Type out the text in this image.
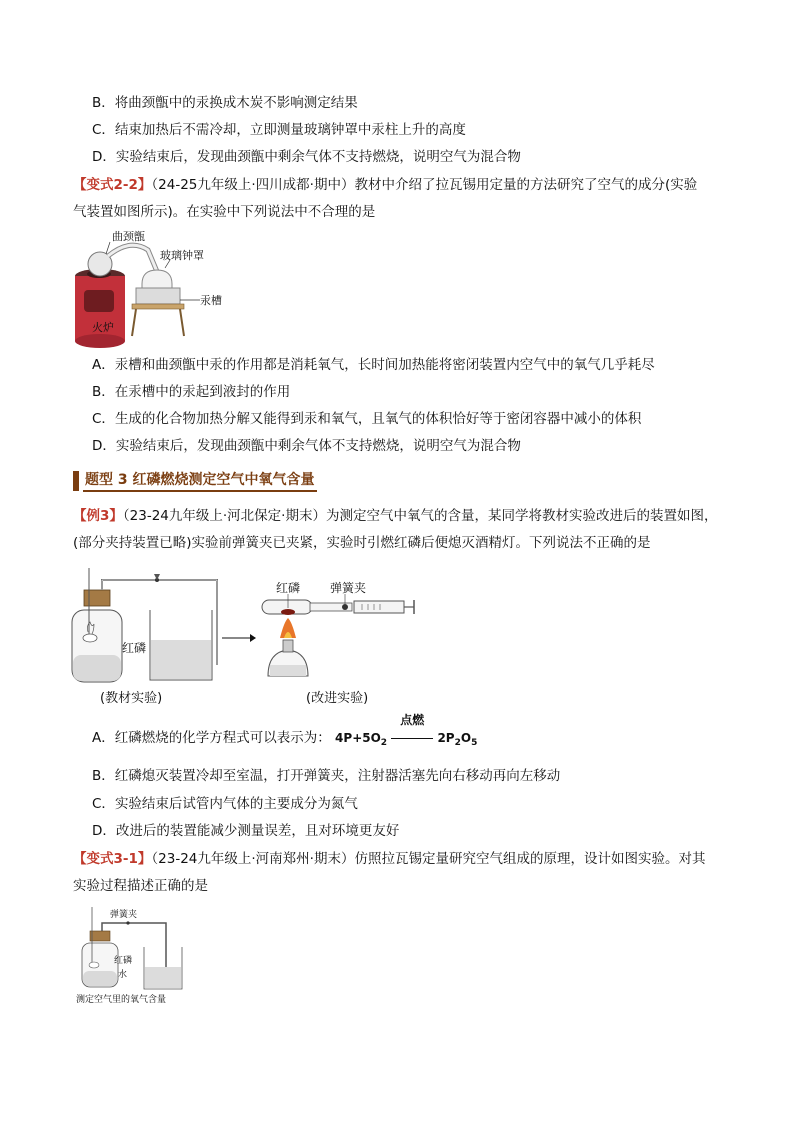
B．将曲颈甑中的汞换成木炭不影响测定结果
C．结束加热后不需冷却，立即测量玻璃钟罩中汞柱上升的高度
D．实验结束后，发现曲颈甑中剩余气体不支持燃烧，说明空气为混合物
【变式2-2】（24-25九年级上·四川成都·期中）教材中介绍了拉瓦锡用定量的方法研究了空气的成分(实验
气装置如图所示)。在实验中下列说法中不合理的是
火炉
曲颈甑
玻璃钟罩
汞槽
A．汞槽和曲颈甑中汞的作用都是消耗氧气，长时间加热能将密闭装置内空气中的氧气几乎耗尽
B．在汞槽中的汞起到液封的作用
C．生成的化合物加热分解又能得到汞和氧气，且氧气的体积恰好等于密闭容器中减小的体积
D．实验结束后，发现曲颈甑中剩余气体不支持燃烧，说明空气为混合物
题型 3 红磷燃烧测定空气中氧气含量
【例3】（23-24九年级上·河北保定·期末）为测定空气中氧气的含量，某同学将教材实验改进后的装置如图，
(部分夹持装置已略)实验前弹簧夹已夹紧，实验时引燃红磷后便熄灭酒精灯。下列说法不正确的是
红磷
(教材实验)
红磷 弹簧夹
(改进实验)
A．红磷燃烧的化学方程式可以表示为： $4P+5O_2$
点燃
$2P_2O_5$
B．红磷熄灭装置冷却至室温，打开弹簧夹，注射器活塞先向右移动再向左移动
C．实验结束后试管内气体的主要成分为氮气
D．改进后的装置能减少测量误差，且对环境更友好
【变式3-1】（23-24九年级上·河南郑州·期末）仿照拉瓦锡定量研究空气组成的原理，设计如图实验。对其
实验过程描述正确的是
弹簧夹
红磷
水
测定空气里的氧气含量
